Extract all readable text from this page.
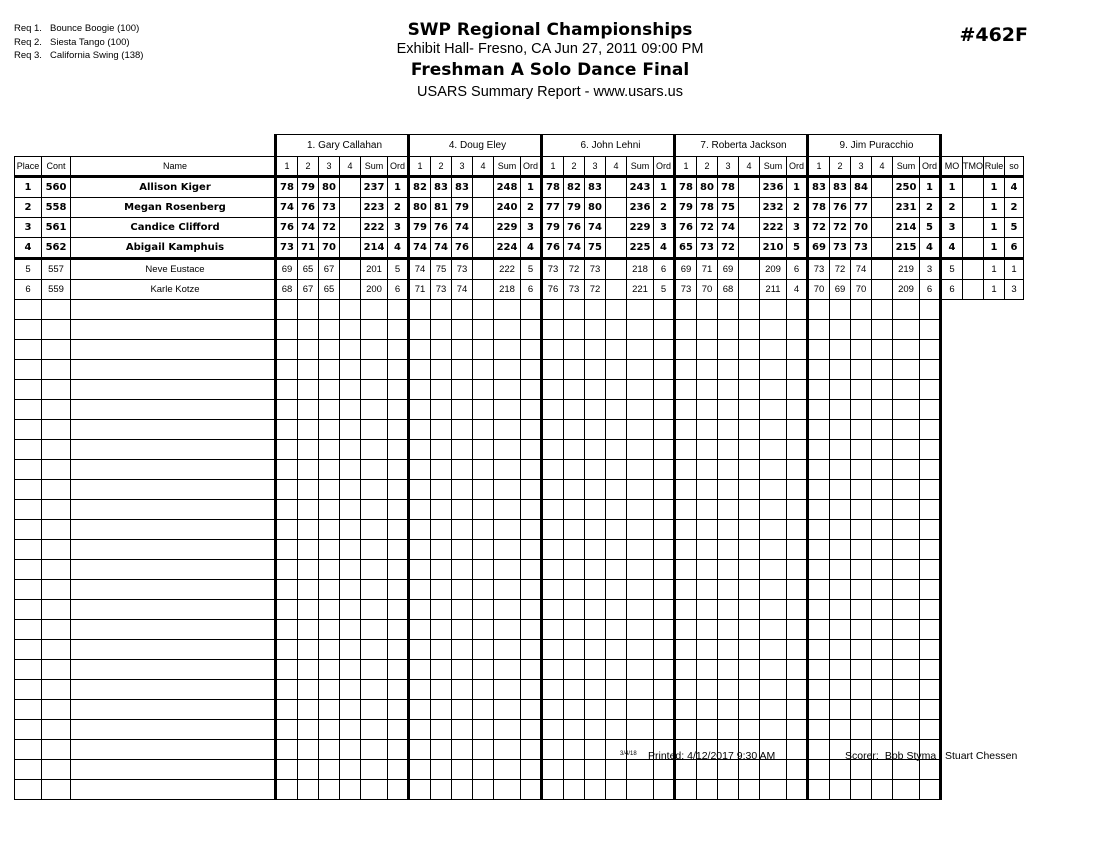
Req 1. Bounce Boogie (100)
Req 2. Siesta Tango (100)
Req 3. California Swing (138)
SWP Regional Championships
Exhibit Hall- Fresno, CA Jun 27, 2011 09:00 PM
Freshman A Solo Dance Final
USARS Summary Report - www.usars.us
#462F
			1. Gary Callahan						4. Doug Eley						6. John Lehni						7. Roberta Jackson						9. Jim Puracchio									
Place	Cont	Name	1	2	3	4	Sum	Ord	1	2	3	4	Sum	Ord	1	2	3	4	Sum	Ord	1	2	3	4	Sum	Ord	1	2	3	4	Sum	Ord	MO	TMO	Rule	so
1	560	Allison Kiger	78	79	80		237	1	82	83	83		248	1	78	82	83		243	1	78	80	78		236	1	83	83	84		250	1	1		1	4
2	558	Megan Rosenberg	74	76	73		223	2	80	81	79		240	2	77	79	80		236	2	79	78	75		232	2	78	76	77		231	2	2		1	2
3	561	Candice Clifford	76	74	72		222	3	79	76	74		229	3	79	76	74		229	3	76	72	74		222	3	72	72	70		214	5	3		1	5
4	562	Abigail Kamphuis	73	71	70		214	4	74	74	76		224	4	76	74	75		225	4	65	73	72		210	5	69	73	73		215	4	4		1	6
5	557	Neve Eustace	69	65	67		201	5	74	75	73		222	5	73	72	73		218	6	69	71	69		209	6	73	72	74		219	3	5		1	1
6	559	Karle Kotze	68	67	65		200	6	71	73	74		218	6	76	73	72		221	5	73	70	68		211	4	70	69	70		209	6	6		1	3

3/4/18 Printed: 4/12/2017 9:30 AM	Scorer: Bob Styma / Stuart Chessen
